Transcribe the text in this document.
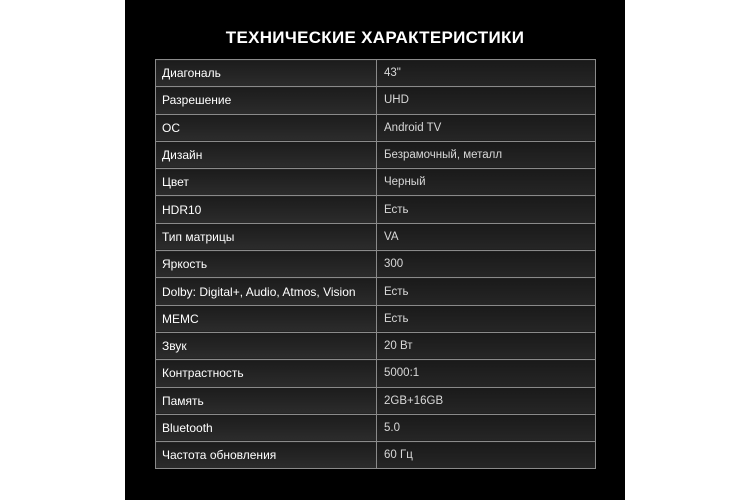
ТЕХНИЧЕСКИЕ ХАРАКТЕРИСТИКИ
Диагональ	43"
Разрешение	UHD
ОС	Android TV
Дизайн	Безрамочный, металл
Цвет	Черный
HDR10	Есть
Тип матрицы	VA
Яркость	300
Dolby: Digital+, Audio, Atmos, Vision	Есть
MEMC	Есть
Звук	20 Вт
Контрастность	5000:1
Память	2GB+16GB
Bluetooth	5.0
Частота обновления	60 Гц
